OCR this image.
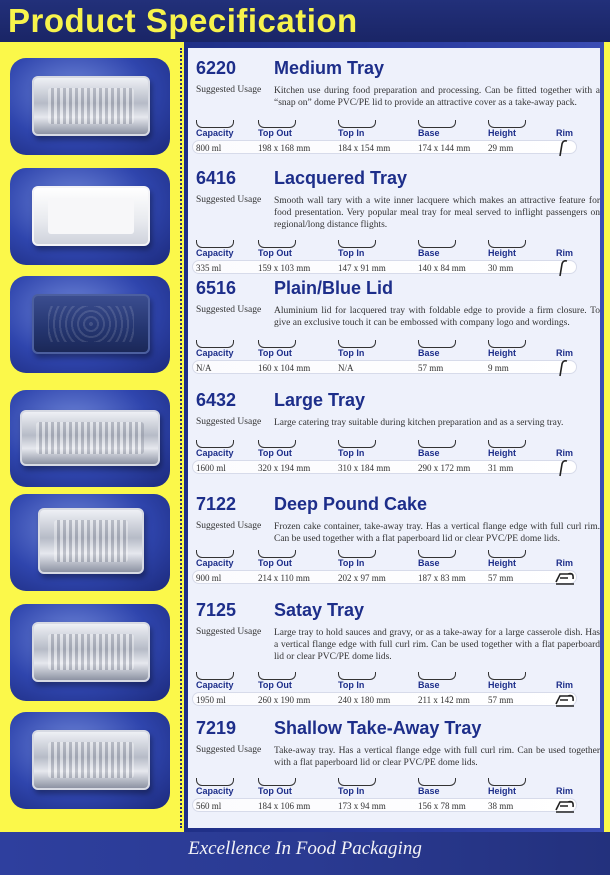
Product Specification
6220 Medium Tray
Suggested Usage	Kitchen use during food preparation and processing. Can be fitted together with a “snap on” dome PVC/PE lid to provide an attractive cover as a take-away pack.
Capacity
800 ml
Top Out
198 x 168 mm
Top In
184 x 154 mm
Base
174 x 144 mm
Height
29 mm
Rim
6416 Lacquered Tray
Suggested Usage	Smooth wall tary with a wite inner lacquere which makes an attractive feature for food presentation. Very popular meal tray for meal served to inflight passengers on regional/long distance flights.
Capacity
335 ml
Top Out
159 x 103 mm
Top In
147 x 91 mm
Base
140 x 84 mm
Height
30 mm
Rim
6516 Plain/Blue Lid
Suggested Usage	Aluminium lid for lacquered tray with foldable edge to provide a firm closure. To give an exclusive touch it can be embossed with company logo and wordings.
Capacity
N/A
Top Out
160 x 104 mm
Top In
N/A
Base
57 mm
Height
9 mm
Rim
6432 Large Tray
Suggested Usage	Large catering tray suitable during kitchen preparation and as a serving tray.
Capacity
1600 ml
Top Out
320 x 194 mm
Top In
310 x 184 mm
Base
290 x 172 mm
Height
31 mm
Rim
7122 Deep Pound Cake
Suggested Usage	Frozen cake container, take-away tray. Has a vertical flange edge with full curl rim. Can be used together with a flat paperboard lid or clear PVC/PE dome lids.
Capacity
900 ml
Top Out
214 x 110 mm
Top In
202 x 97 mm
Base
187 x 83 mm
Height
57 mm
Rim
7125 Satay Tray
Suggested Usage	Large tray to hold sauces and gravy, or as a take-away for a large casserole dish. Has a vertical flange edge with full curl rim. Can be used together with a flat paperboard lid or clear PVC/PE dome lids.
Capacity
1950 ml
Top Out
260 x 190 mm
Top In
240 x 180 mm
Base
211 x 142 mm
Height
57 mm
Rim
7219 Shallow Take-Away Tray
Suggested Usage	Take-away tray. Has a vertical flange edge with full curl rim. Can be used together with a flat paperboard lid or clear PVC/PE dome lids.
Capacity
560 ml
Top Out
184 x 106 mm
Top In
173 x 94 mm
Base
156 x 78 mm
Height
38 mm
Rim
Excellence In Food Packaging
